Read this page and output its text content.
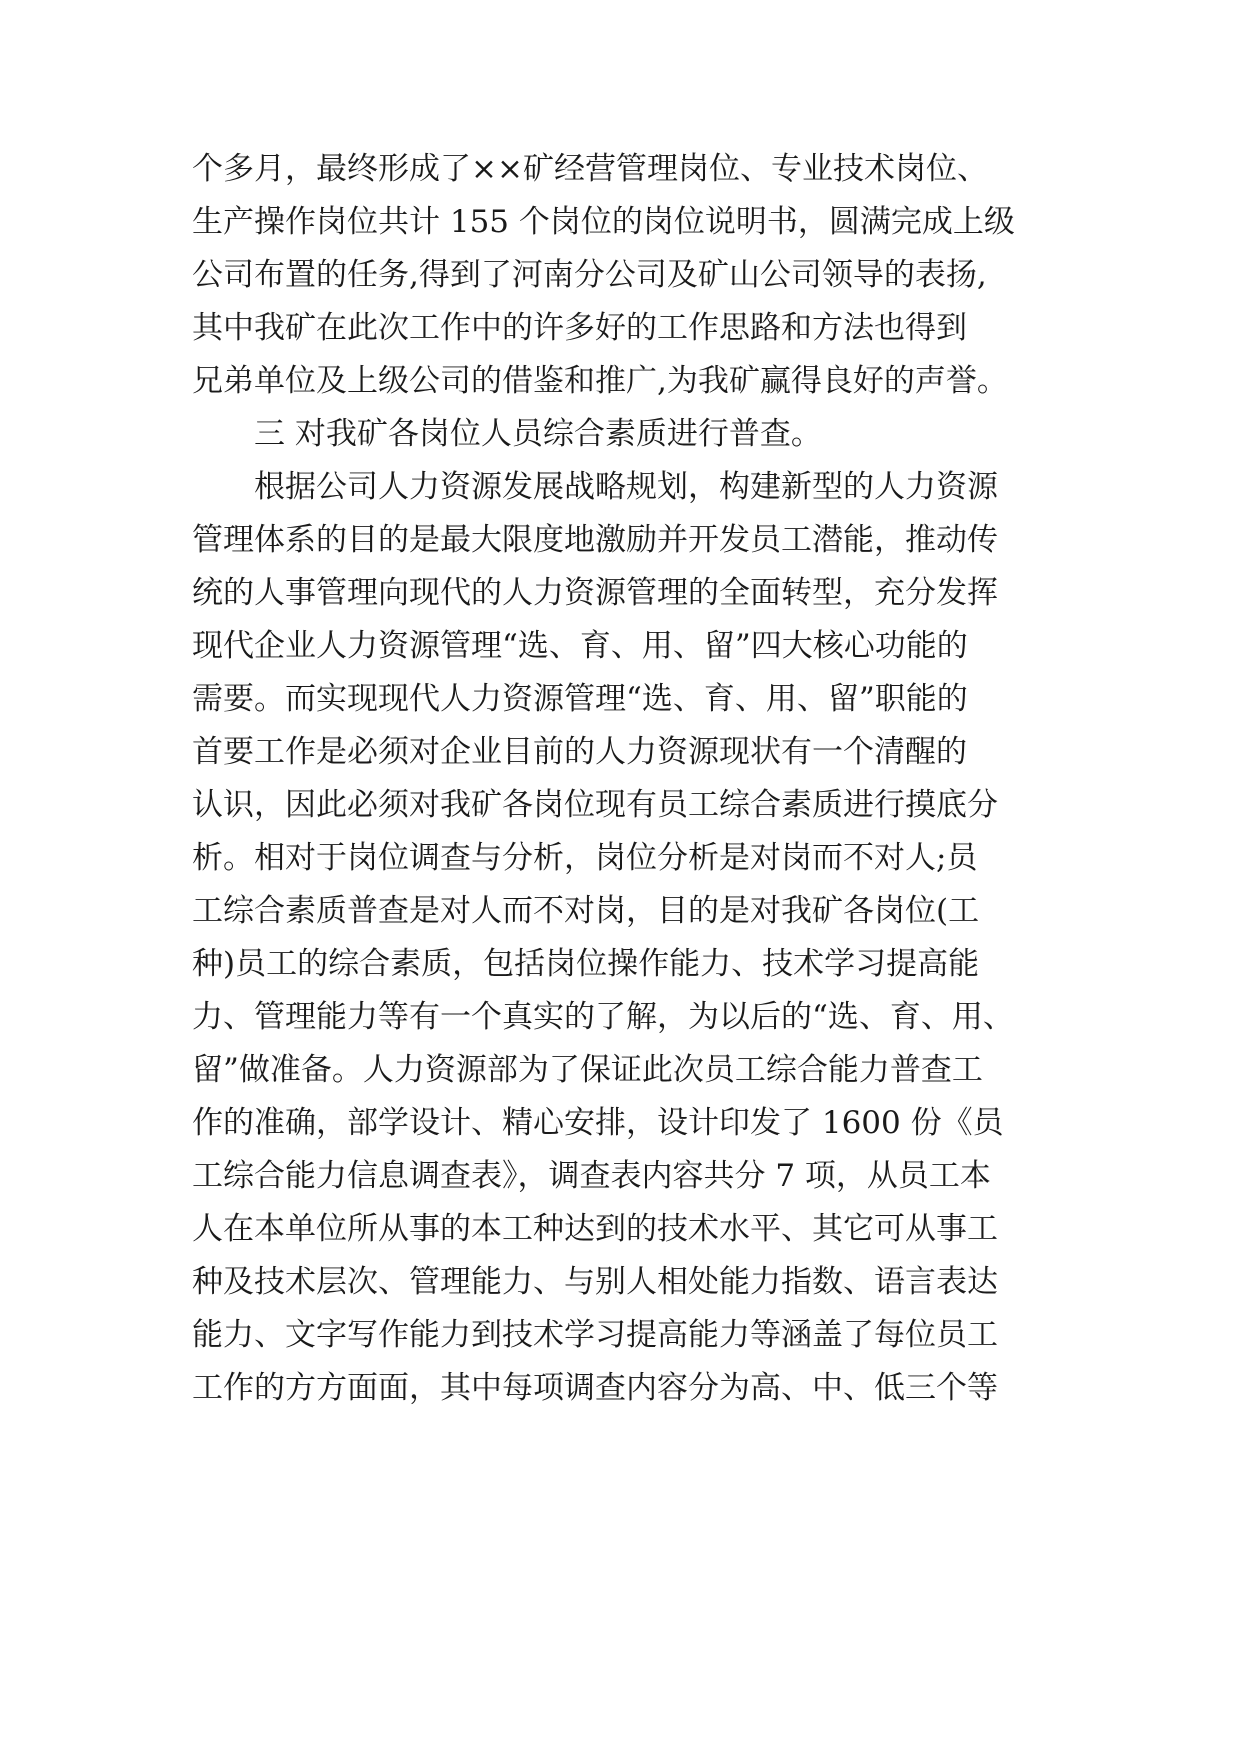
个多月，最终形成了××矿经营管理岗位、专业技术岗位、
生产操作岗位共计 155 个岗位的岗位说明书，圆满完成上级
公司布置的任务,得到了河南分公司及矿山公司领导的表扬,
其中我矿在此次工作中的许多好的工作思路和方法也得到
兄弟单位及上级公司的借鉴和推广,为我矿赢得良好的声誉。
三 对我矿各岗位人员综合素质进行普查。
根据公司人力资源发展战略规划，构建新型的人力资源
管理体系的目的是最大限度地激励并开发员工潜能，推动传
统的人事管理向现代的人力资源管理的全面转型，充分发挥
现代企业人力资源管理“选、育、用、留”四大核心功能的
需要。而实现现代人力资源管理“选、育、用、留”职能的
首要工作是必须对企业目前的人力资源现状有一个清醒的
认识，因此必须对我矿各岗位现有员工综合素质进行摸底分
析。相对于岗位调查与分析，岗位分析是对岗而不对人;员
工综合素质普查是对人而不对岗，目的是对我矿各岗位(工
种)员工的综合素质，包括岗位操作能力、技术学习提高能
力、管理能力等有一个真实的了解，为以后的“选、育、用、
留”做准备。人力资源部为了保证此次员工综合能力普查工
作的准确，部学设计、精心安排，设计印发了 1600 份《员
工综合能力信息调查表》，调查表内容共分 7 项，从员工本
人在本单位所从事的本工种达到的技术水平、其它可从事工
种及技术层次、管理能力、与别人相处能力指数、语言表达
能力、文字写作能力到技术学习提高能力等涵盖了每位员工
工作的方方面面，其中每项调查内容分为高、中、低三个等
